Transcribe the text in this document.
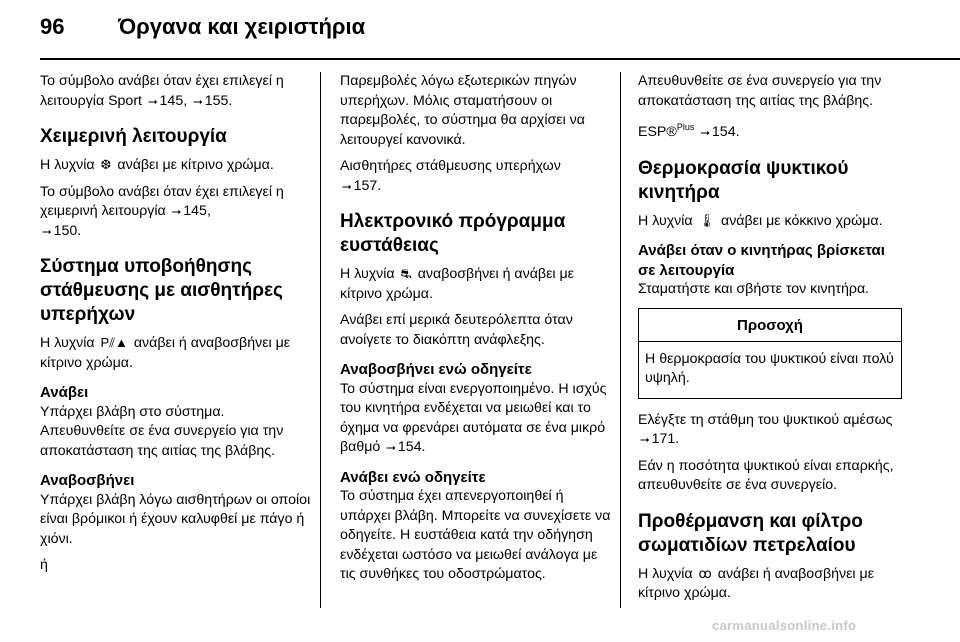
96	Όργανα και χειριστήρια

Το σύμβολο ανάβει όταν έχει επιλεγεί η λειτουργία Sport ⭢ 145, ⭢ 155.

Χειμερινή λειτουργία

Η λυχνία ❆ ανάβει με κίτρινο χρώμα.

Το σύμβολο ανάβει όταν έχει επιλεγεί η χειμερινή λειτουργία ⭢ 145,
⭢ 150.

Σύστημα υποβοήθησης στάθμευσης με αισθητήρες υπερήχων

Η λυχνία P⫽▲ ανάβει ή αναβοσβήνει με κίτρινο χρώμα.

Ανάβει

Υπάρχει βλάβη στο σύστημα. Απευθυνθείτε σε ένα συνεργείο για την αποκατάσταση της αιτίας της βλάβης.

Αναβοσβήνει

Υπάρχει βλάβη λόγω αισθητήρων οι οποίοι είναι βρόμικοι ή έχουν καλυφθεί με πάγο ή χιόνι.

ή

Παρεμβολές λόγω εξωτερικών πηγών υπερήχων. Μόλις σταματήσουν οι παρεμβολές, το σύστημα θα αρχίσει να λειτουργεί κανονικά.

Αισθητήρες στάθμευσης υπερήχων
⭢ 157.

Ηλεκτρονικό πρόγραμμα ευστάθειας

Η λυχνία ⛐ αναβοσβήνει ή ανάβει με κίτρινο χρώμα.

Ανάβει επί μερικά δευτερόλεπτα όταν ανοίγετε το διακόπτη ανάφλεξης.

Αναβοσβήνει ενώ οδηγείτε

Το σύστημα είναι ενεργοποιημένο. Η ισχύς του κινητήρα ενδέχεται να μειωθεί και το όχημα να φρενάρει αυτόματα σε ένα μικρό βαθμό ⭢ 154.

Ανάβει ενώ οδηγείτε

Το σύστημα έχει απενεργοποιηθεί ή υπάρχει βλάβη. Μπορείτε να συνεχίσετε να οδηγείτε. Η ευστάθεια κατά την οδήγηση ενδέχεται ωστόσο να μειωθεί ανάλογα με τις συνθήκες του οδοστρώματος.

Απευθυνθείτε σε ένα συνεργείο για την αποκατάσταση της αιτίας της βλάβης.

ESP®$^{Plus}$ ⭢ 154.

Θερμοκρασία ψυκτικού κινητήρα

Η λυχνία 🌡 ανάβει με κόκκινο χρώμα.

Ανάβει όταν ο κινητήρας βρίσκεται σε λειτουργία

Σταματήστε και σβήστε τον κινητήρα.

Προσοχή

Η θερμοκρασία του ψυκτικού είναι πολύ υψηλή.

Ελέγξτε τη στάθμη του ψυκτικού αμέσως ⭢ 171.

Εάν η ποσότητα ψυκτικού είναι επαρκής, απευθυνθείτε σε ένα συνεργείο.

Προθέρμανση και φίλτρο σωματιδίων πετρελαίου

Η λυχνία ꝏ ανάβει ή αναβοσβήνει με κίτρινο χρώμα.

carmanualsonline.info
